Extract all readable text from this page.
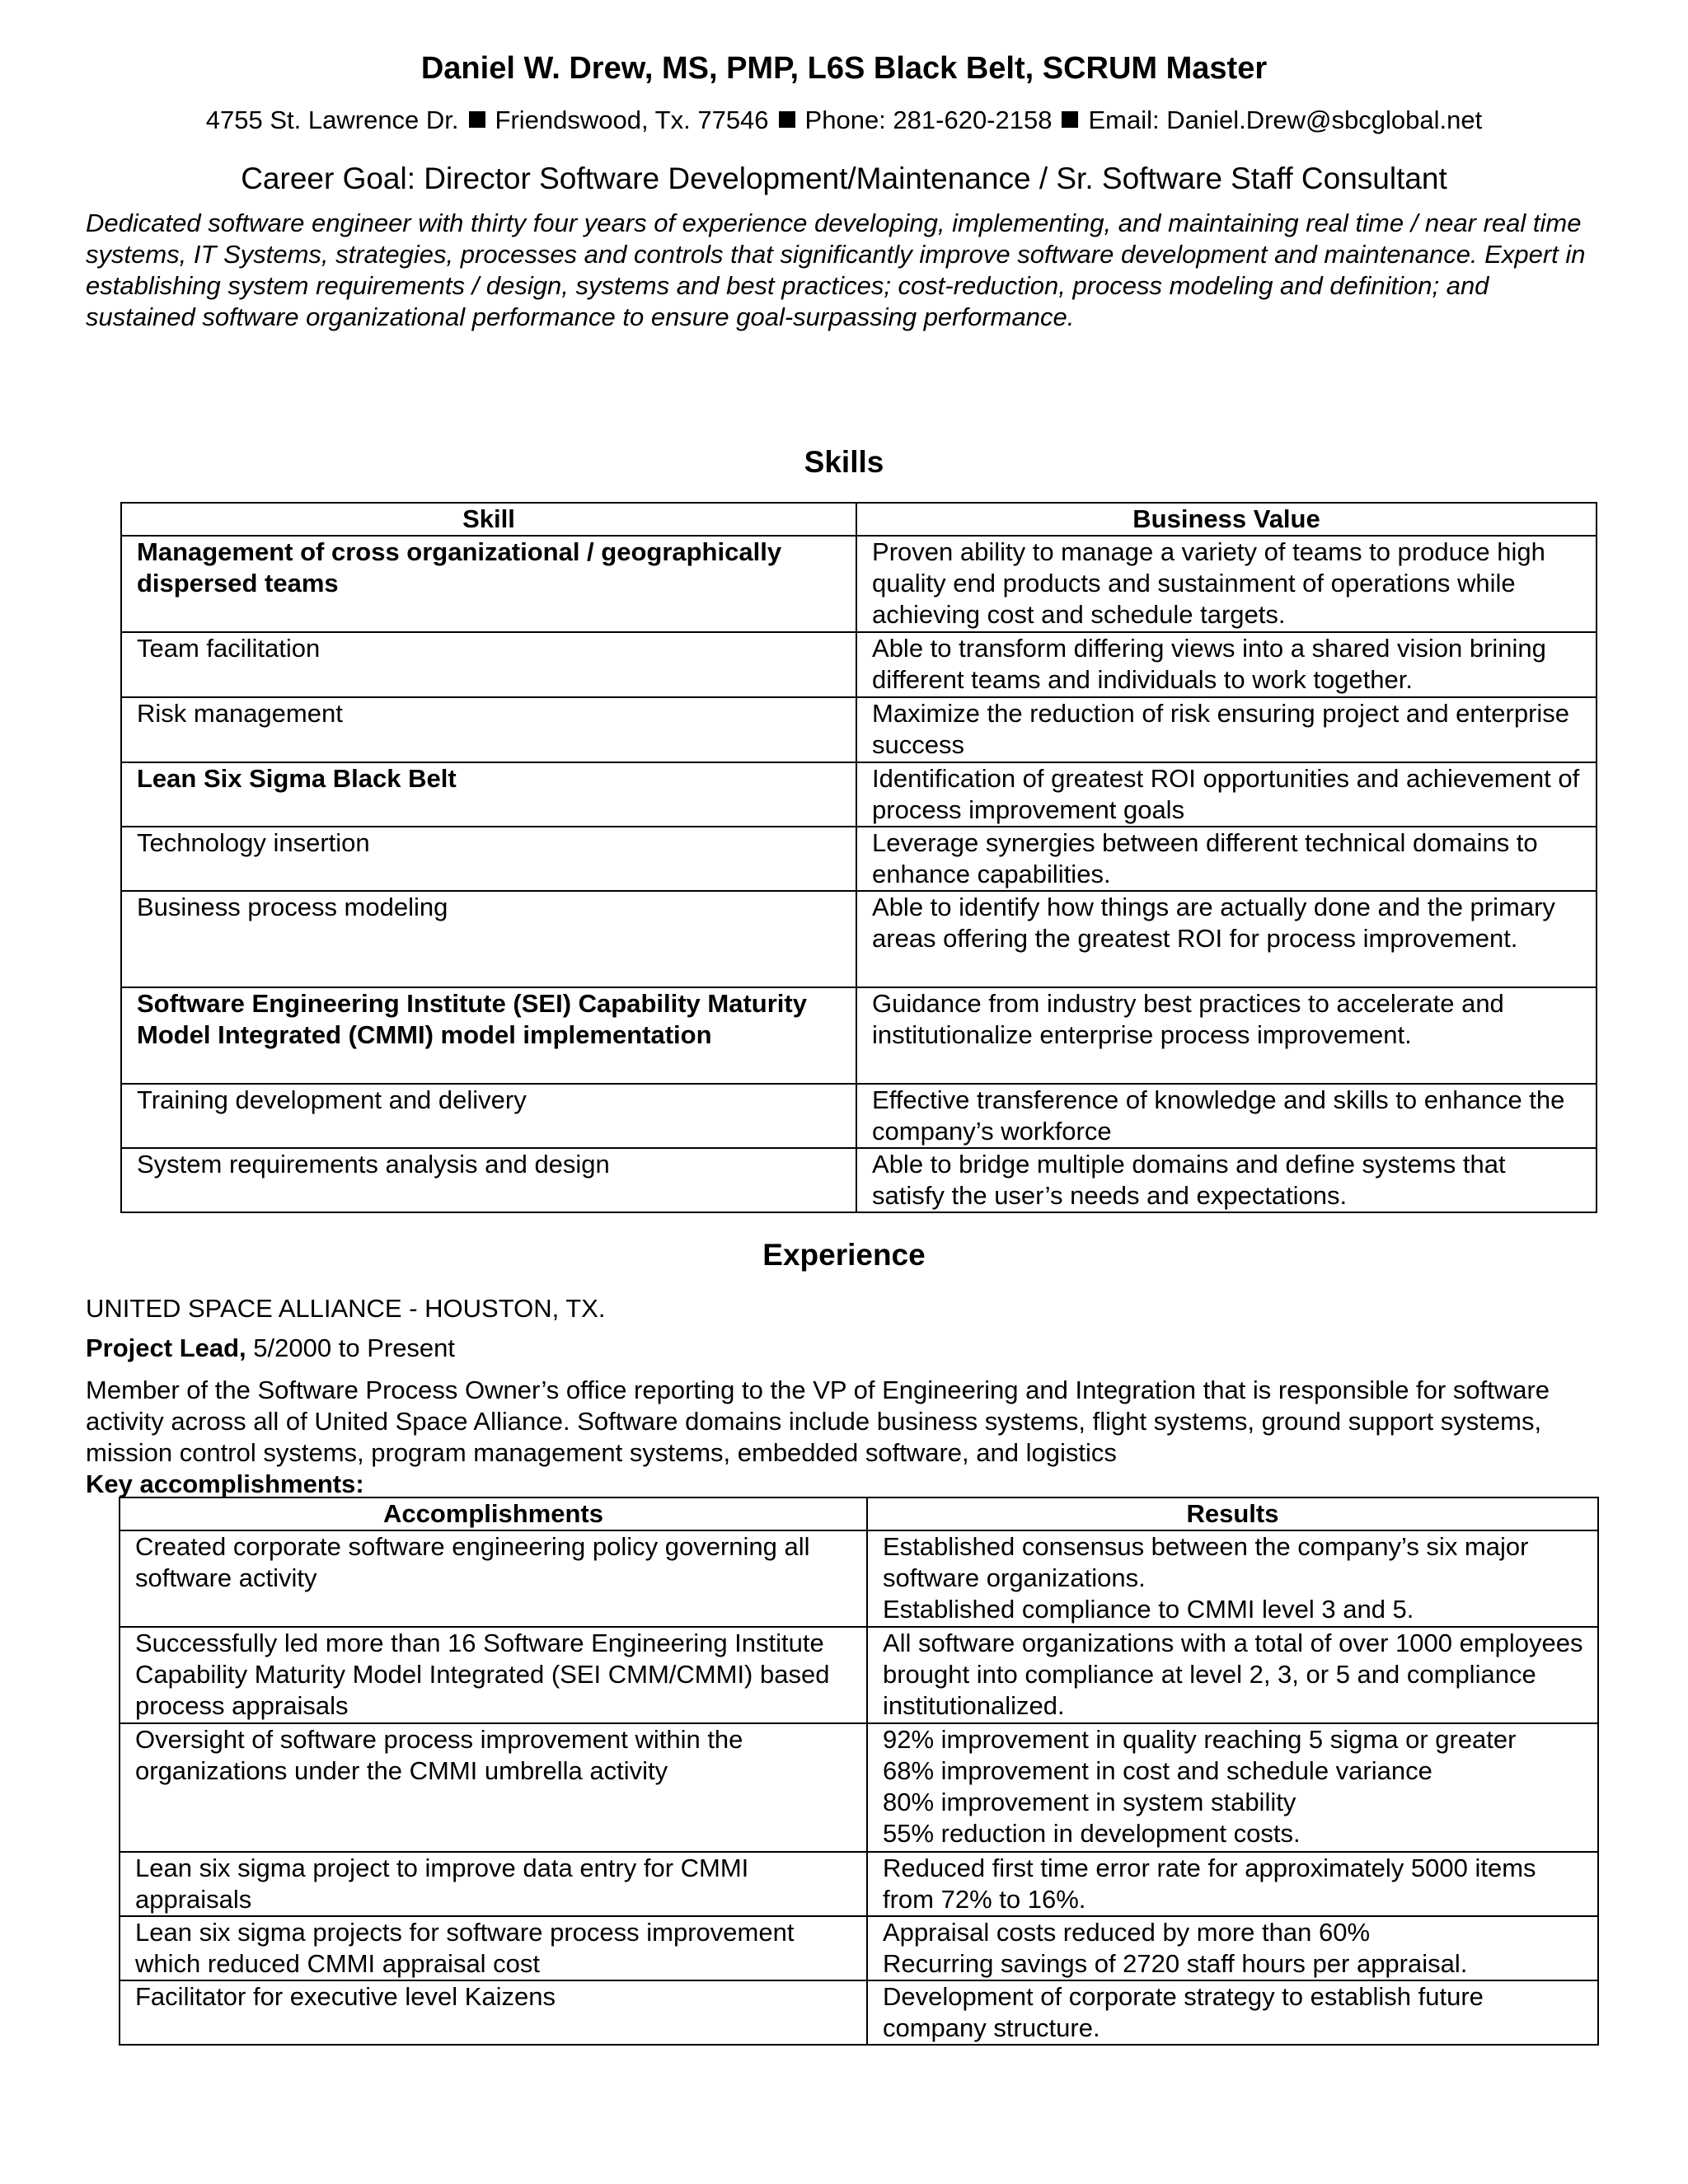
Daniel W. Drew, MS, PMP, L6S Black Belt, SCRUM Master
4755 St. Lawrence Dr. Friendswood, Tx. 77546 Phone: 281-620-2158 Email: Daniel.Drew@sbcglobal.net
Career Goal: Director Software Development/Maintenance / Sr. Software Staff Consultant
Dedicated software engineer with thirty four years of experience developing, implementing, and maintaining real time / near real time systems, IT Systems, strategies, processes and controls that significantly improve software development and maintenance. Expert in establishing system requirements / design, systems and best practices; cost-reduction, process modeling and definition; and sustained software organizational performance to ensure goal-surpassing performance.
Skills
Skill	Business Value
Management of cross organizational / geographically dispersed teams	Proven ability to manage a variety of teams to produce high quality end products and sustainment of operations while achieving cost and schedule targets.
Team facilitation	Able to transform differing views into a shared vision brining different teams and individuals to work together.
Risk management	Maximize the reduction of risk ensuring project and enterprise success
Lean Six Sigma Black Belt	Identification of greatest ROI opportunities and achievement of process improvement goals
Technology insertion	Leverage synergies between different technical domains to enhance capabilities.
Business process modeling	Able to identify how things are actually done and the primary areas offering the greatest ROI for process improvement.
Software Engineering Institute (SEI) Capability Maturity Model Integrated (CMMI) model implementation	Guidance from industry best practices to accelerate and institutionalize enterprise process improvement.
Training development and delivery	Effective transference of knowledge and skills to enhance the company’s workforce
System requirements analysis and design	Able to bridge multiple domains and define systems that satisfy the user’s needs and expectations.
Experience
UNITED SPACE ALLIANCE - HOUSTON, TX.
Project Lead, 5/2000 to Present
Member of the Software Process Owner’s office reporting to the VP of Engineering and Integration that is responsible for software activity across all of United Space Alliance. Software domains include business systems, flight systems, ground support systems, mission control systems, program management systems, embedded software, and logistics
Key accomplishments:
Accomplishments	Results
Created corporate software engineering policy governing all software activity	Established consensus between the company’s six major software organizations.
Established compliance to CMMI level 3 and 5.

Successfully led more than 16 Software Engineering Institute Capability Maturity Model Integrated (SEI CMM/CMMI) based process appraisals	All software organizations with a total of over 1000 employees brought into compliance at level 2, 3, or 5 and compliance institutionalized.

Oversight of software process improvement within the organizations under the CMMI umbrella activity	92% improvement in quality reaching 5 sigma or greater
68% improvement in cost and schedule variance
80% improvement in system stability
55% reduction in development costs.

Lean six sigma project to improve data entry for CMMI appraisals	Reduced first time error rate for approximately 5000 items from 72% to 16%.

Lean six sigma projects for software process improvement which reduced CMMI appraisal cost	Appraisal costs reduced by more than 60%
Recurring savings of 2720 staff hours per appraisal.

Facilitator for executive level Kaizens	Development of corporate strategy to establish future company structure.
